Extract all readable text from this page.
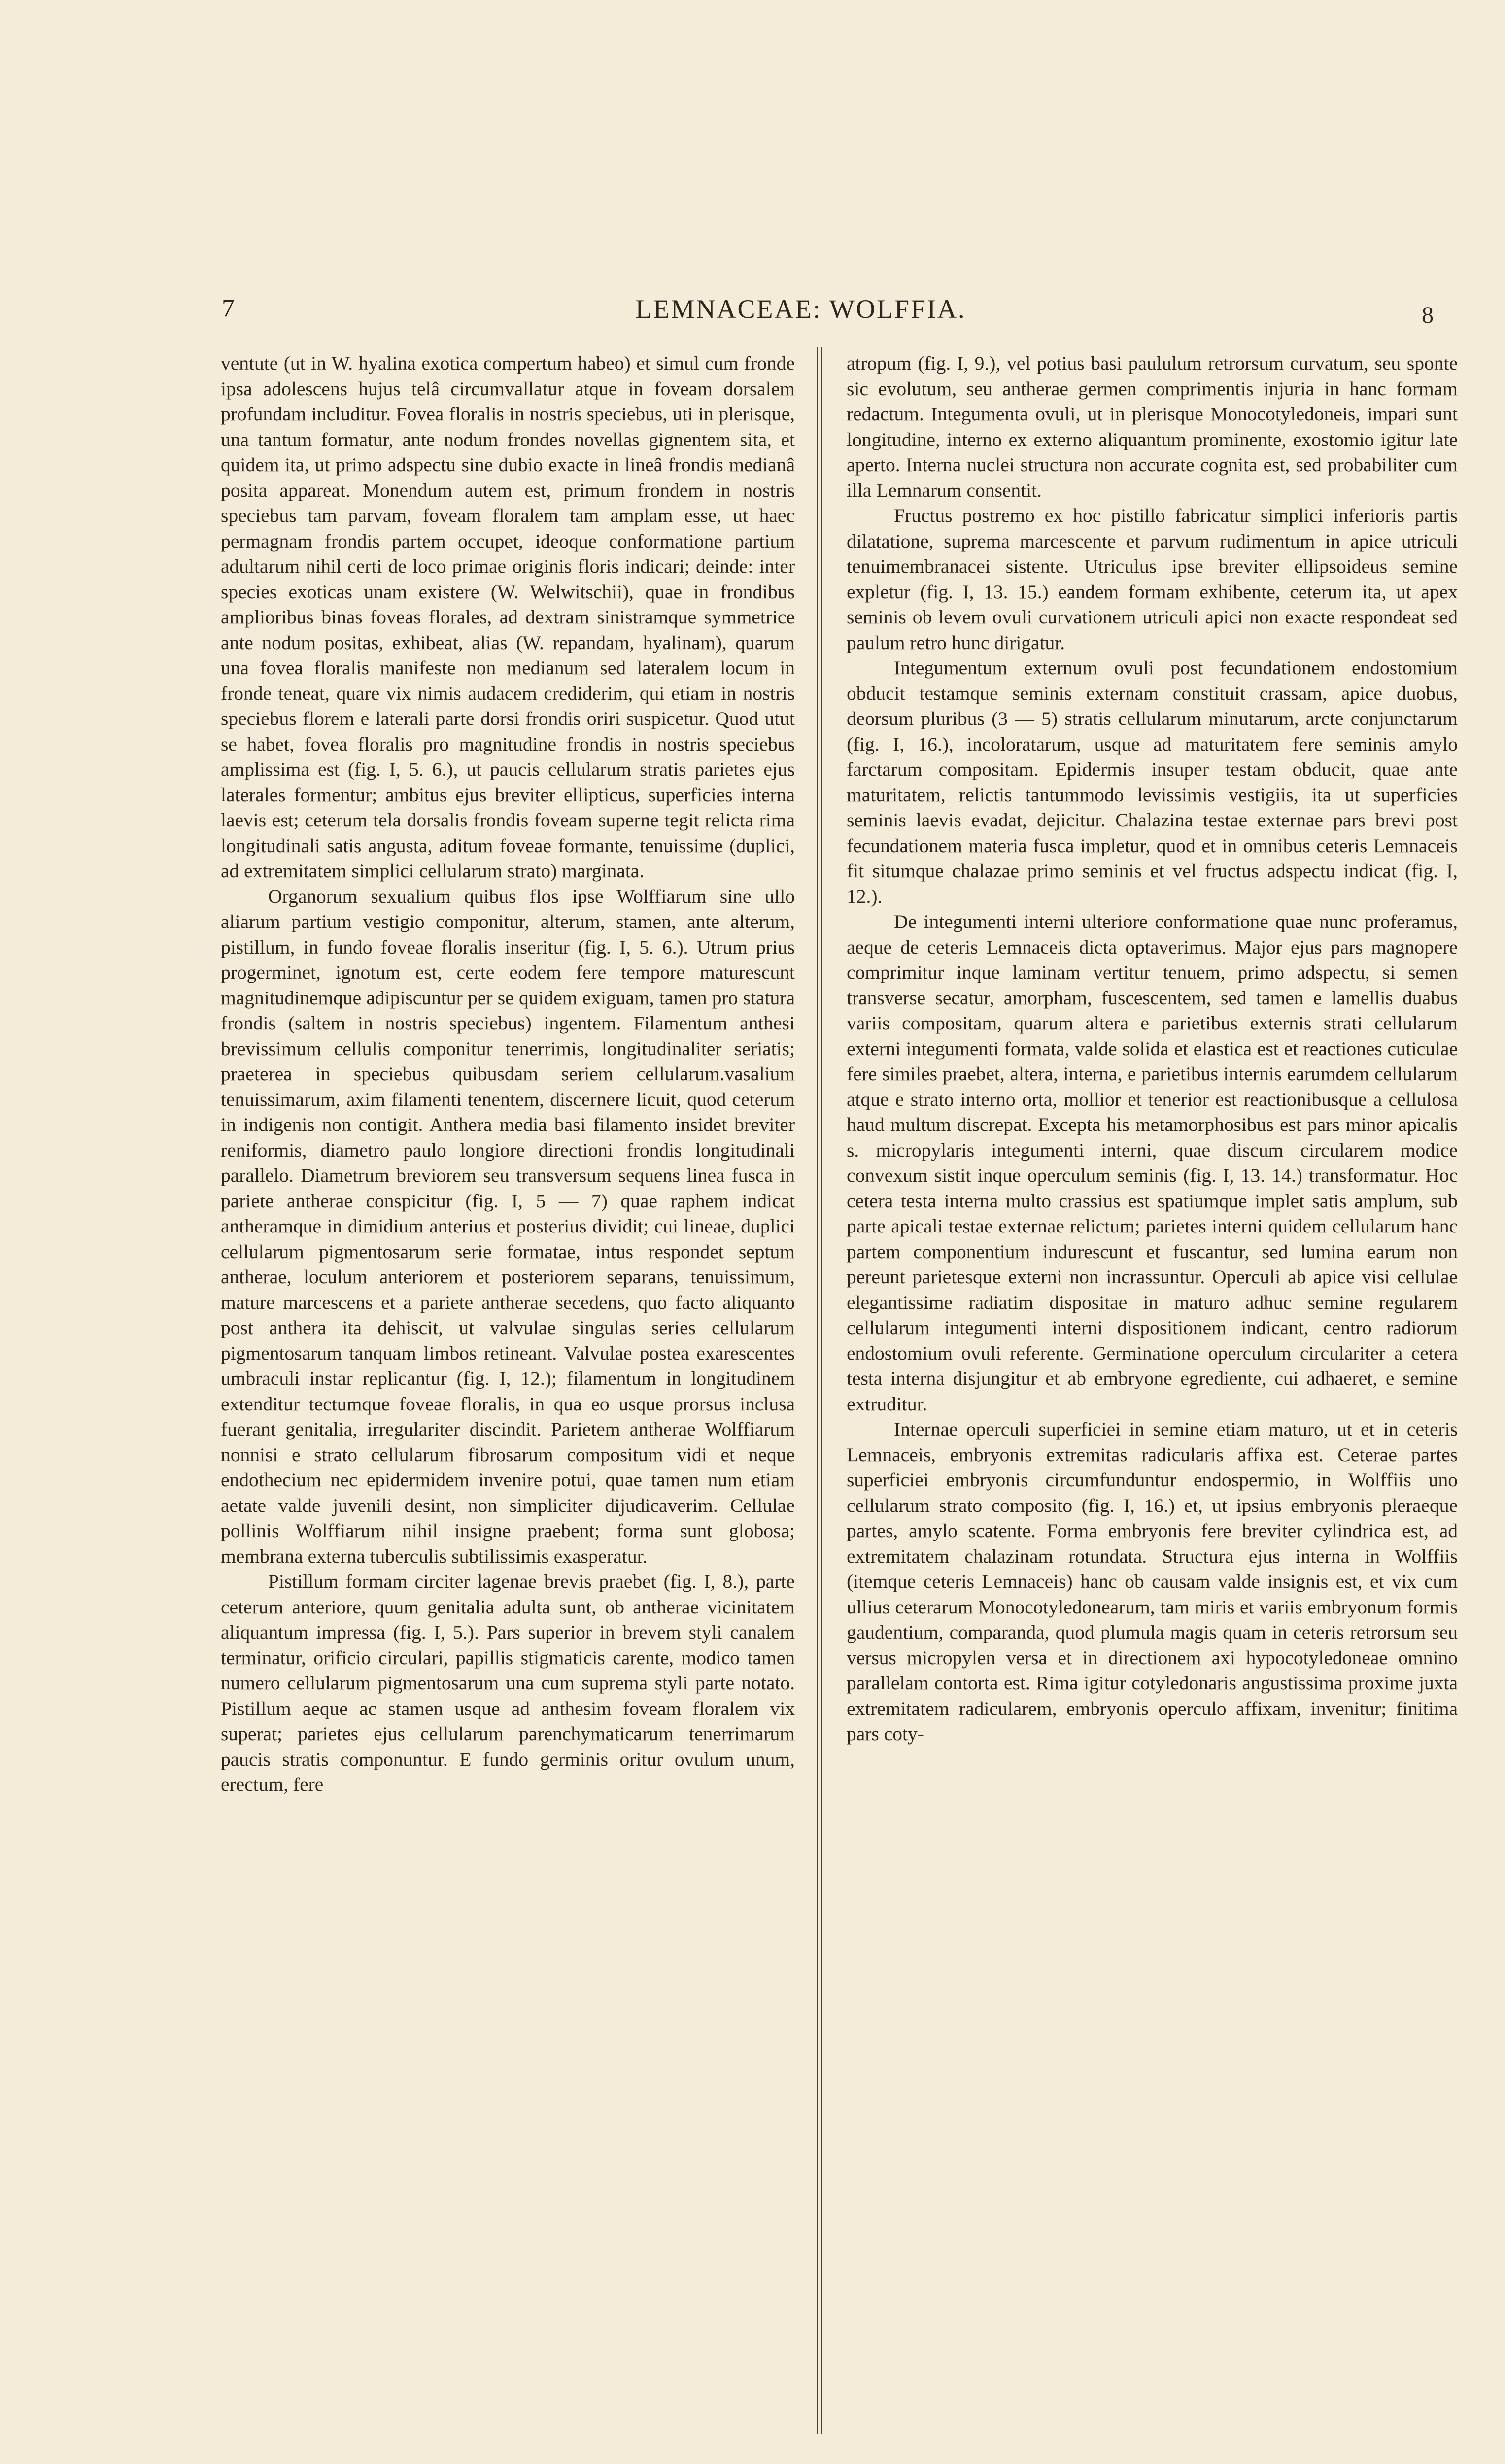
7	LEMNACEAE: WOLFFIA.	8

ventute (ut in W. hyalina exotica compertum habeo) et simul cum fronde ipsa adolescens hujus telâ circumvallatur atque in foveam dorsalem profundam includitur. Fovea floralis in nostris speciebus, uti in plerisque, una tantum formatur, ante nodum frondes novellas gignentem sita, et quidem ita, ut primo adspectu sine dubio exacte in lineâ frondis medianâ posita appareat. Monendum autem est, primum frondem in nostris speciebus tam parvam, foveam floralem tam amplam esse, ut haec permagnam frondis partem occupet, ideoque conformatione partium adultarum nihil certi de loco primae originis floris indicari; deinde: inter species exoticas unam existere (W. Welwitschii), quae in frondibus amplioribus binas foveas florales, ad dextram sinistramque symmetrice ante nodum positas, exhibeat, alias (W. repandam, hyalinam), quarum una fovea floralis manifeste non medianum sed lateralem locum in fronde teneat, quare vix nimis audacem crediderim, qui etiam in nostris speciebus florem e laterali parte dorsi frondis oriri suspicetur. Quod utut se habet, fovea floralis pro magnitudine frondis in nostris speciebus amplissima est (fig. I, 5. 6.), ut paucis cellularum stratis parietes ejus laterales formentur; ambitus ejus breviter ellipticus, superficies interna laevis est; ceterum tela dorsalis frondis foveam superne tegit relicta rima longitudinali satis angusta, aditum foveae formante, tenuissime (duplici, ad extremitatem simplici cellularum strato) marginata.

Organorum sexualium quibus flos ipse Wolffiarum sine ullo aliarum partium vestigio componitur, alterum, stamen, ante alterum, pistillum, in fundo foveae floralis inseritur (fig. I, 5. 6.). Utrum prius progerminet, ignotum est, certe eodem fere tempore maturescunt magnitudinemque adipiscuntur per se quidem exiguam, tamen pro statura frondis (saltem in nostris speciebus) ingentem. Filamentum anthesi brevissimum cellulis componitur tenerrimis, longitudinaliter seriatis; praeterea in speciebus quibusdam seriem cellularum.vasalium tenuissimarum, axim filamenti tenentem, discernere licuit, quod ceterum in indigenis non contigit. Anthera media basi filamento insidet breviter reniformis, diametro paulo longiore directioni frondis longitudinali parallelo. Diametrum breviorem seu transversum sequens linea fusca in pariete antherae conspicitur (fig. I, 5 — 7) quae raphem indicat antheramque in dimidium anterius et posterius dividit; cui lineae, duplici cellularum pigmentosarum serie formatae, intus respondet septum antherae, loculum anteriorem et posteriorem separans, tenuissimum, mature marcescens et a pariete antherae secedens, quo facto aliquanto post anthera ita dehiscit, ut valvulae singulas series cellularum pigmentosarum tanquam limbos retineant. Valvulae postea exarescentes umbraculi instar replicantur (fig. I, 12.); filamentum in longitudinem extenditur tectumque foveae floralis, in qua eo usque prorsus inclusa fuerant genitalia, irregulariter discindit. Parietem antherae Wolffiarum nonnisi e strato cellularum fibrosarum compositum vidi et neque endothecium nec epidermidem invenire potui, quae tamen num etiam aetate valde juvenili desint, non simpliciter dijudicaverim. Cellulae pollinis Wolffiarum nihil insigne praebent; forma sunt globosa; membrana externa tuberculis subtilissimis exasperatur.

Pistillum formam circiter lagenae brevis praebet (fig. I, 8.), parte ceterum anteriore, quum genitalia adulta sunt, ob antherae vicinitatem aliquantum impressa (fig. I, 5.). Pars superior in brevem styli canalem terminatur, orificio circulari, papillis stigmaticis carente, modico tamen numero cellularum pigmentosarum una cum suprema styli parte notato. Pistillum aeque ac stamen usque ad anthesim foveam floralem vix superat; parietes ejus cellularum parenchymaticarum tenerrimarum paucis stratis componuntur. E fundo germinis oritur ovulum unum, erectum, fere

atropum (fig. I, 9.), vel potius basi paululum retrorsum curvatum, seu sponte sic evolutum, seu antherae germen comprimentis injuria in hanc formam redactum. Integumenta ovuli, ut in plerisque Monocotyledoneis, impari sunt longitudine, interno ex externo aliquantum prominente, exostomio igitur late aperto. Interna nuclei structura non accurate cognita est, sed probabiliter cum illa Lemnarum consentit.

Fructus postremo ex hoc pistillo fabricatur simplici inferioris partis dilatatione, suprema marcescente et parvum rudimentum in apice utriculi tenuimembranacei sistente. Utriculus ipse breviter ellipsoideus semine expletur (fig. I, 13. 15.) eandem formam exhibente, ceterum ita, ut apex seminis ob levem ovuli curvationem utriculi apici non exacte respondeat sed paulum retro hunc dirigatur.

Integumentum externum ovuli post fecundationem endostomium obducit testamque seminis externam constituit crassam, apice duobus, deorsum pluribus (3 — 5) stratis cellularum minutarum, arcte conjunctarum (fig. I, 16.), incoloratarum, usque ad maturitatem fere seminis amylo farctarum compositam. Epidermis insuper testam obducit, quae ante maturitatem, relictis tantummodo levissimis vestigiis, ita ut superficies seminis laevis evadat, dejicitur. Chalazina testae externae pars brevi post fecundationem materia fusca impletur, quod et in omnibus ceteris Lemnaceis fit situmque chalazae primo seminis et vel fructus adspectu indicat (fig. I, 12.).

De integumenti interni ulteriore conformatione quae nunc proferamus, aeque de ceteris Lemnaceis dicta optaverimus. Major ejus pars magnopere comprimitur inque laminam vertitur tenuem, primo adspectu, si semen transverse secatur, amorpham, fuscescentem, sed tamen e lamellis duabus variis compositam, quarum altera e parietibus externis strati cellularum externi integumenti formata, valde solida et elastica est et reactiones cuticulae fere similes praebet, altera, interna, e parietibus internis earumdem cellularum atque e strato interno orta, mollior et tenerior est reactionibusque a cellulosa haud multum discrepat. Excepta his metamorphosibus est pars minor apicalis s. micropylaris integumenti interni, quae discum circularem modice convexum sistit inque operculum seminis (fig. I, 13. 14.) transformatur. Hoc cetera testa interna multo crassius est spatiumque implet satis amplum, sub parte apicali testae externae relictum; parietes interni quidem cellularum hanc partem componentium indurescunt et fuscantur, sed lumina earum non pereunt parietesque externi non incrassuntur. Operculi ab apice visi cellulae elegantissime radiatim dispositae in maturo adhuc semine regularem cellularum integumenti interni dispositionem indicant, centro radiorum endostomium ovuli referente. Germinatione operculum circulariter a cetera testa interna disjungitur et ab embryone egrediente, cui adhaeret, e semine extruditur.

Internae operculi superficiei in semine etiam maturo, ut et in ceteris Lemnaceis, embryonis extremitas radicularis affixa est. Ceterae partes superficiei embryonis circumfunduntur endospermio, in Wolffiis uno cellularum strato composito (fig. I, 16.) et, ut ipsius embryonis pleraeque partes, amylo scatente. Forma embryonis fere breviter cylindrica est, ad extremitatem chalazinam rotundata. Structura ejus interna in Wolffiis (itemque ceteris Lemnaceis) hanc ob causam valde insignis est, et vix cum ullius ceterarum Monocotyledonearum, tam miris et variis embryonum formis gaudentium, comparanda, quod plumula magis quam in ceteris retrorsum seu versus micropylen versa et in directionem axi hypocotyledoneae omnino parallelam contorta est. Rima igitur cotyledonaris angustissima proxime juxta extremitatem radicularem, embryonis operculo affixam, invenitur; finitima pars coty-
